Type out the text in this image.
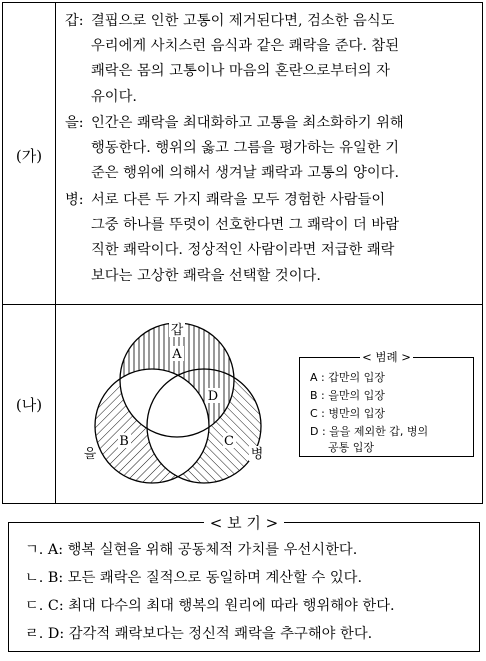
(가)
(나)
갑: 결핍으로 인한 고통이 제거된다면, 검소한 음식도
우리에게 사치스런 음식과 같은 쾌락을 준다. 참된
쾌락은 몸의 고통이나 마음의 혼란으로부터의 자
유이다.
을: 인간은 쾌락을 최대화하고 고통을 최소화하기 위해
행동한다. 행위의 옳고 그름을 평가하는 유일한 기
준은 행위에 의해서 생겨날 쾌락과 고통의 양이다.
병: 서로 다른 두 가지 쾌락을 모두 경험한 사람들이
그중 하나를 뚜렷이 선호한다면 그 쾌락이 더 바람
직한 쾌락이다. 정상적인 사람이라면 저급한 쾌락
보다는 고상한 쾌락을 선택할 것이다.
갑
을	병
A
B	C
D
< 범례 >
A : 갑만의 입장
B : 을만의 입장
C : 병만의 입장
D : 을을 제외한 갑, 병의
공통 입장
< 보 기 >
ㄱ. A: 행복 실현을 위해 공동체적 가치를 우선시한다.
ㄴ. B: 모든 쾌락은 질적으로 동일하며 계산할 수 있다.
ㄷ. C: 최대 다수의 최대 행복의 원리에 따라 행위해야 한다.
ㄹ. D: 감각적 쾌락보다는 정신적 쾌락을 추구해야 한다.
